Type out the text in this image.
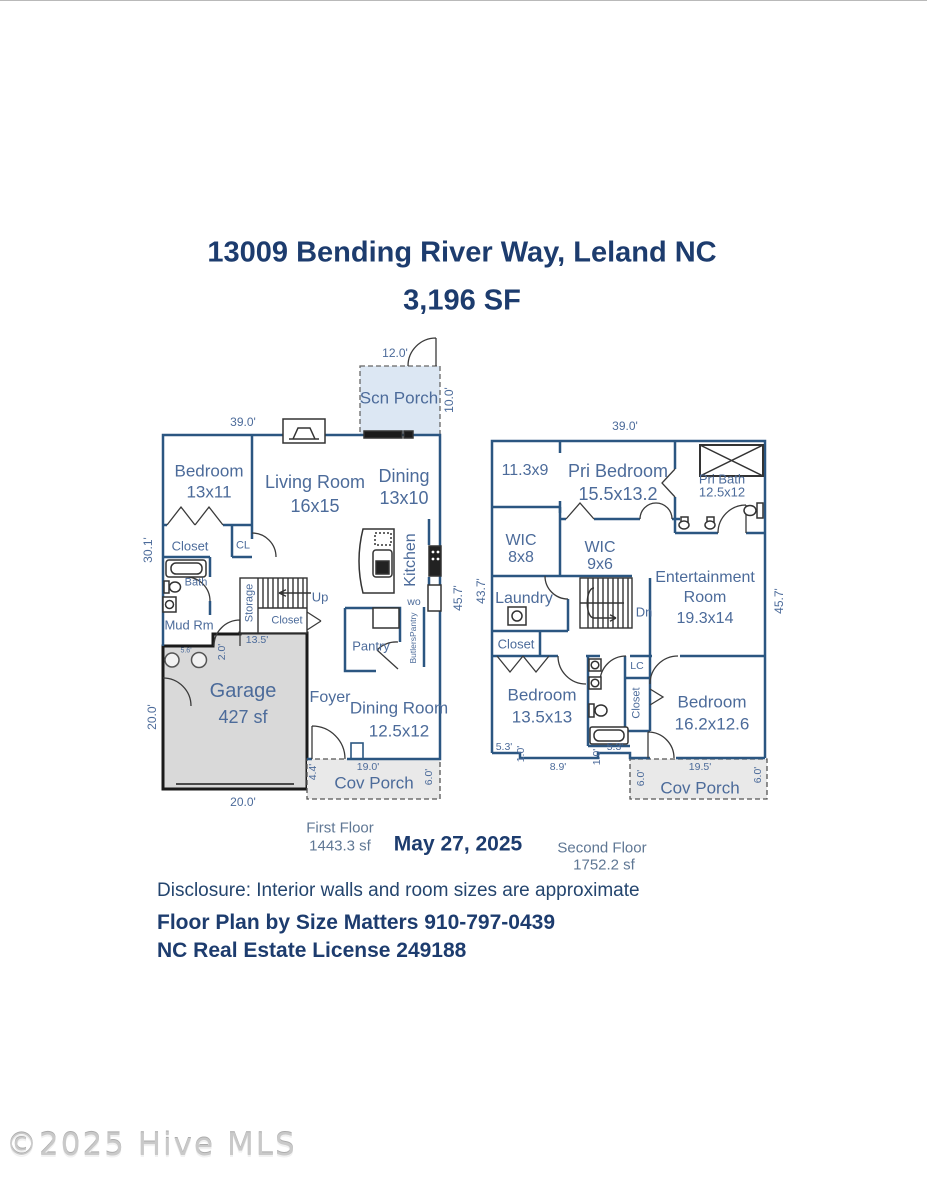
13009 Bending River Way, Leland NC
3,196 SF
12.0'
Scn Porch 10.0'
39.0'
30.1'
Bedroom
13x11 Living Room
16x15
Dining
13x10
Closet	CL
Bath
Storage	Up
Closet
Mud Rm
13.5'
2.0'
5.6'
Kitchen
wo
ButlersPantry
45.7'
Pantry
Garage
427 sf
20.0'
20.0'
Foyer
Dining Room
12.5x12
4.4'	19.0'
Cov Porch 6.0'
First Floor
1443.3 sf
39.0'
11.3x9 Pri Bedroom
15.5x13.2
Pri Bath
12.5x12
WIC
8x8
WIC
9x6
43.7' Laundry
Dn
Entertainment
Room
19.3x14
45.7'
Closet
Bedroom
13.5x13
LC
Closet Bedroom
16.2x12.6
5.3' 1.0'
8.9'
1.0'
5.3'
6.0'
19.5'
Cov Porch
6.0'
Second Floor
1752.2 sf
May 27, 2025
Disclosure: Interior walls and room sizes are approximate
Floor Plan by Size Matters 910-797-0439
NC Real Estate License 249188
©2025 Hive MLS
